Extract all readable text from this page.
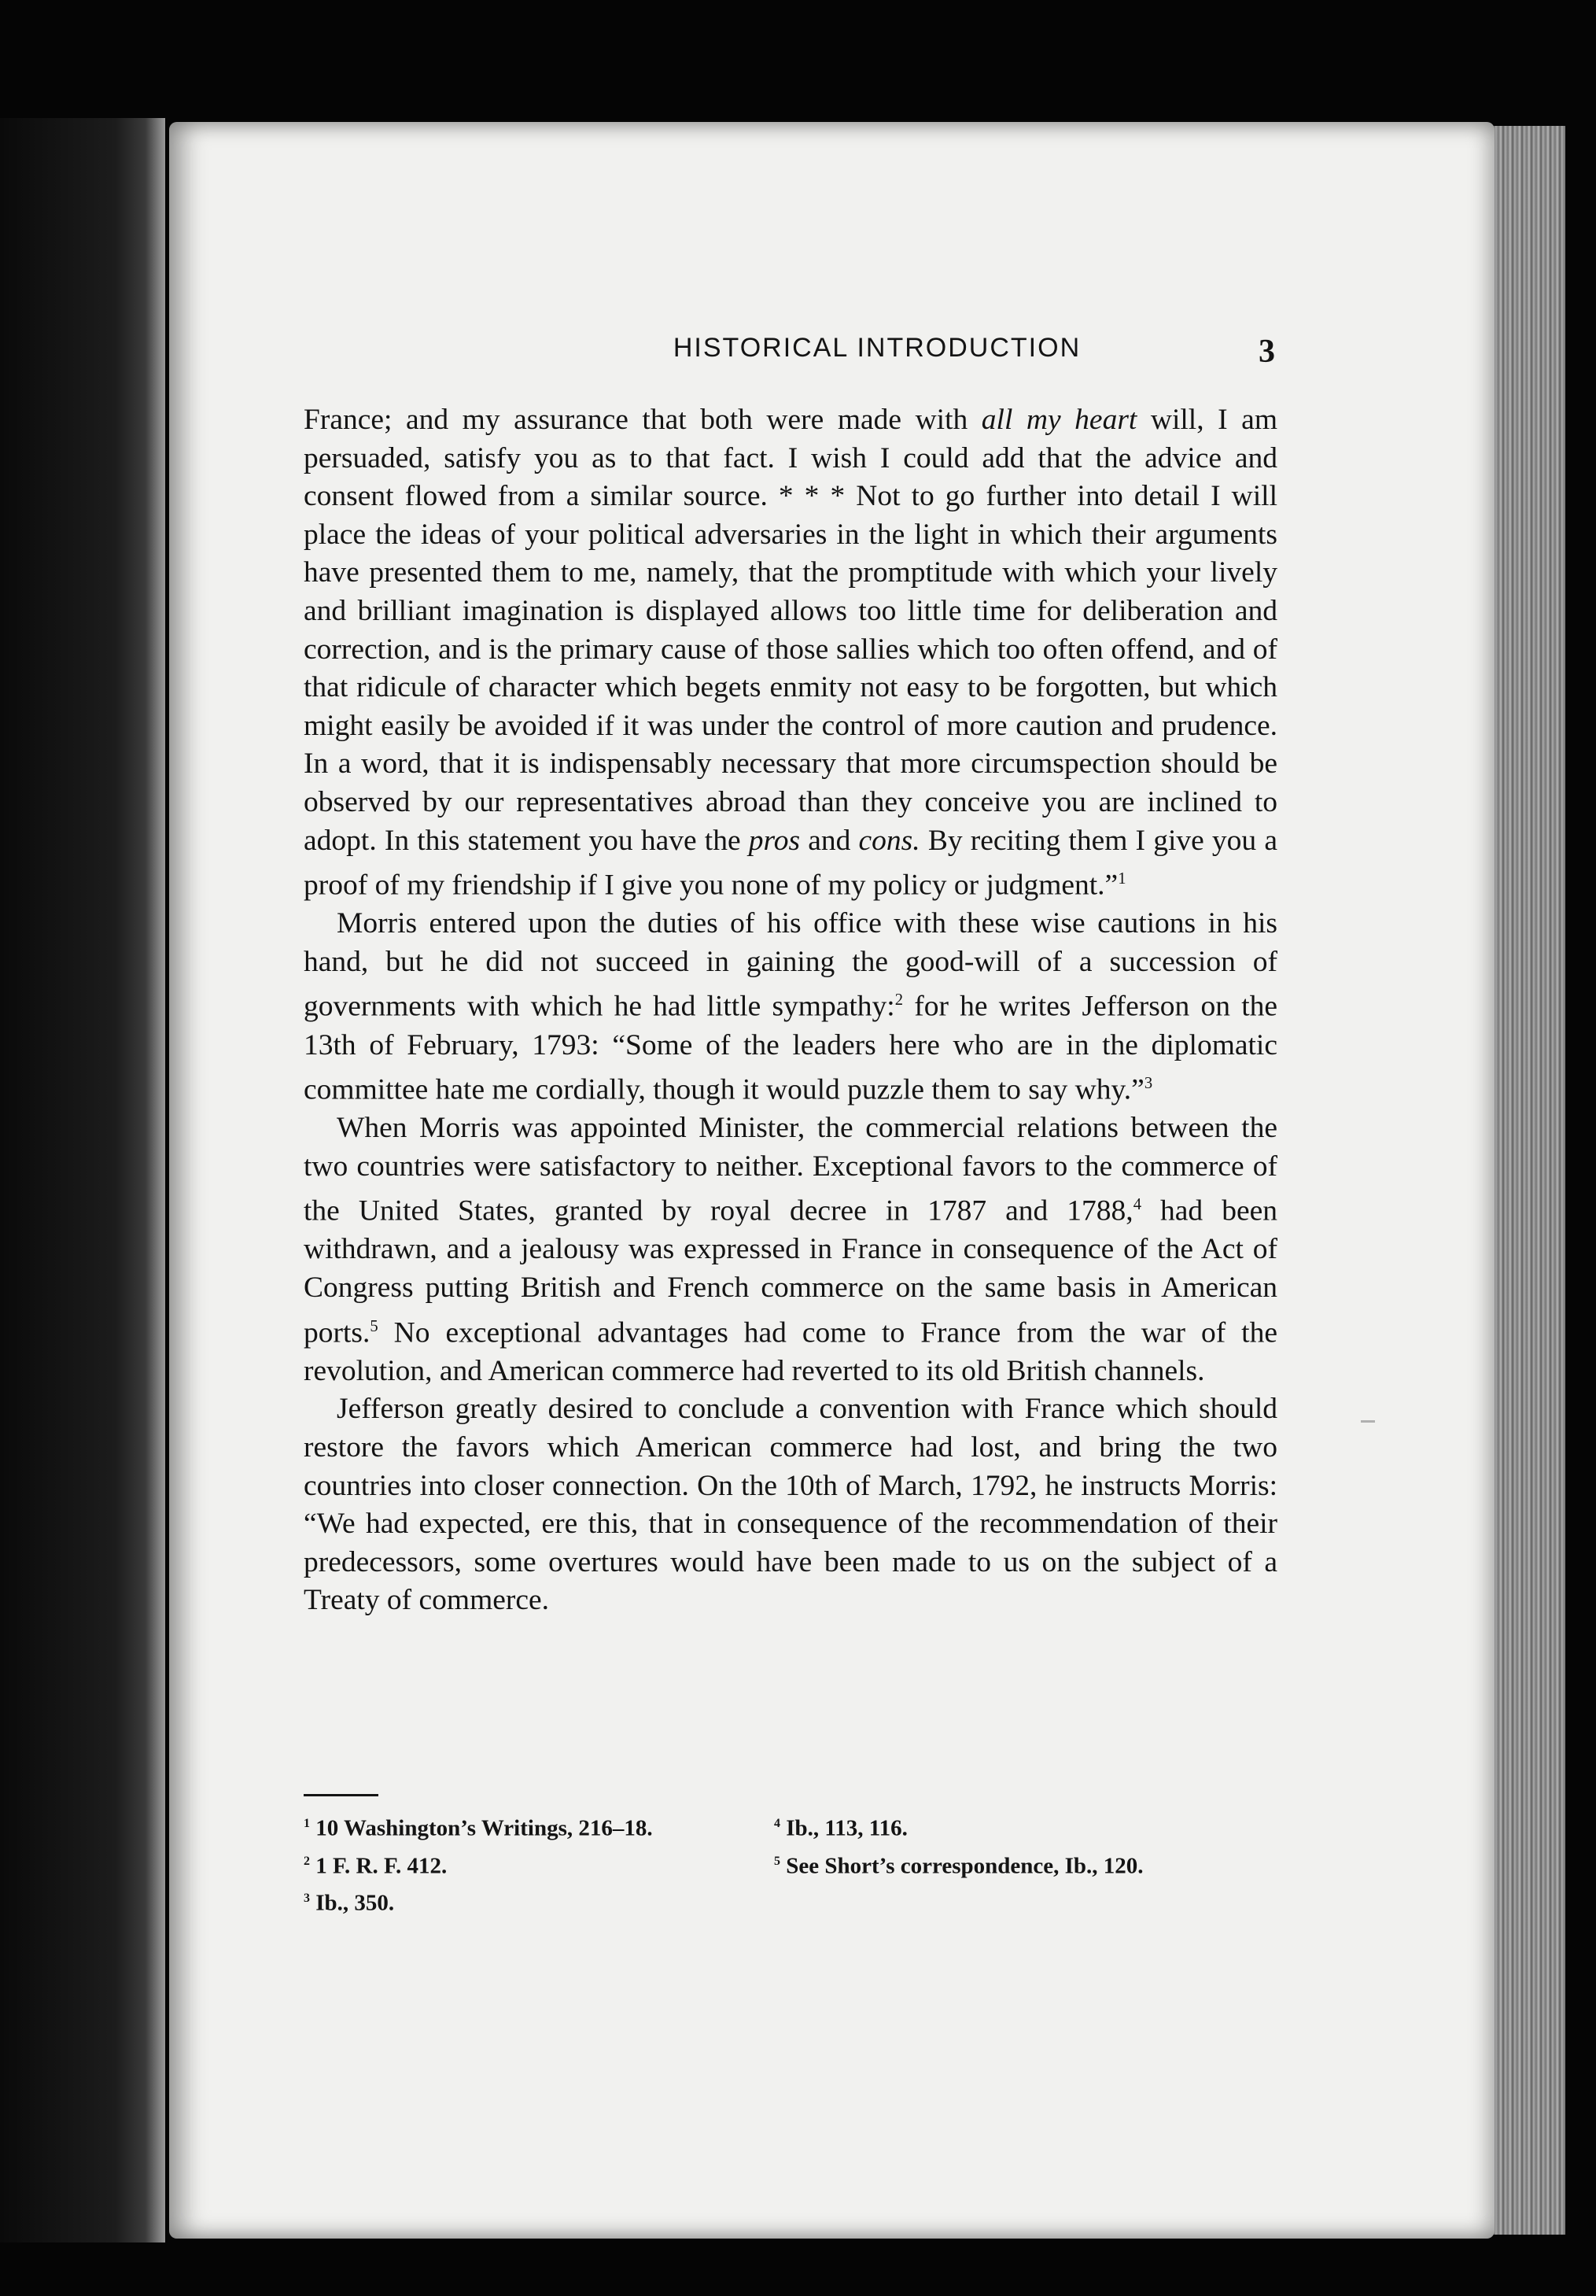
HISTORICAL INTRODUCTION	3

France; and my assurance that both were made with all my heart will, I am persuaded, satisfy you as to that fact. I wish I could add that the advice and consent flowed from a similar source. * * * Not to go further into detail I will place the ideas of your political adversaries in the light in which their arguments have presented them to me, namely, that the promptitude with which your lively and brilliant imagination is displayed allows too little time for deliberation and correction, and is the primary cause of those sallies which too often offend, and of that ridicule of character which begets enmity not easy to be forgotten, but which might easily be avoided if it was under the control of more caution and prudence. In a word, that it is indispensably necessary that more circumspection should be observed by our representatives abroad than they conceive you are inclined to adopt. In this statement you have the pros and cons. By reciting them I give you a proof of my friendship if I give you none of my policy or judgment.”$^1$

Morris entered upon the duties of his office with these wise cautions in his hand, but he did not succeed in gaining the good-will of a succession of governments with which he had little sympathy:$^2$ for he writes Jefferson on the 13th of February, 1793: “Some of the leaders here who are in the diplomatic committee hate me cordially, though it would puzzle them to say why.”$^3$

When Morris was appointed Minister, the commercial relations between the two countries were satisfactory to neither. Exceptional favors to the commerce of the United States, granted by royal decree in 1787 and 1788,$^4$ had been withdrawn, and a jealousy was expressed in France in consequence of the Act of Congress putting British and French commerce on the same basis in American ports.$^5$ No exceptional advantages had come to France from the war of the revolution, and American commerce had reverted to its old British channels.

Jefferson greatly desired to conclude a convention with France which should restore the favors which American commerce had lost, and bring the two countries into closer connection. On the 10th of March, 1792, he instructs Morris: “We had expected, ere this, that in consequence of the recommendation of their predecessors, some overtures would have been made to us on the subject of a Treaty of commerce.

$^1$ 10 Washington’s Writings, 216–18.

$^2$ 1 F. R. F. 412.

$^3$ Ib., 350.

$^4$ Ib., 113, 116.

$^5$ See Short’s correspondence, Ib., 120.
